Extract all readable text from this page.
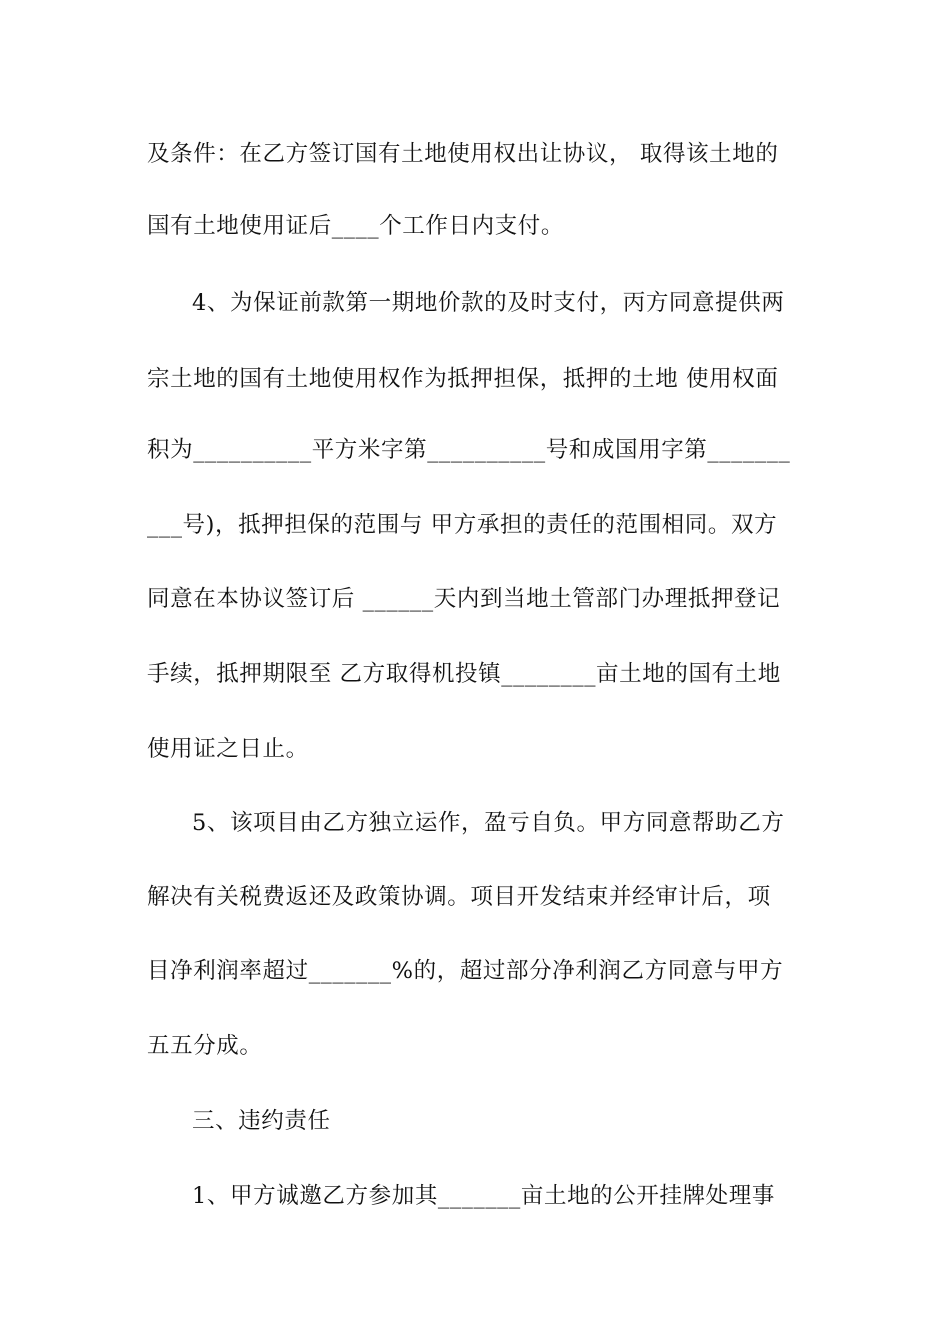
及条件：在乙方签订国有土地使用权出让协议， 取得该土地的
国有土地使用证后____个工作日内支付。
4、为保证前款第一期地价款的及时支付，丙方同意提供两
宗土地的国有土地使用权作为抵押担保，抵押的土地 使用权面
积为__________平方米字第__________号和成国用字第_______
___号)，抵押担保的范围与 甲方承担的责任的范围相同。双方
同意在本协议签订后 ______天内到当地土管部门办理抵押登记
手续，抵押期限至 乙方取得机投镇________亩土地的国有土地
使用证之日止。
5、该项目由乙方独立运作，盈亏自负。甲方同意帮助乙方
解决有关税费返还及政策协调。项目开发结束并经审计后，项
目净利润率超过_______%的，超过部分净利润乙方同意与甲方
五五分成。
三、违约责任
1、甲方诚邀乙方参加其_______亩土地的公开挂牌处理事
